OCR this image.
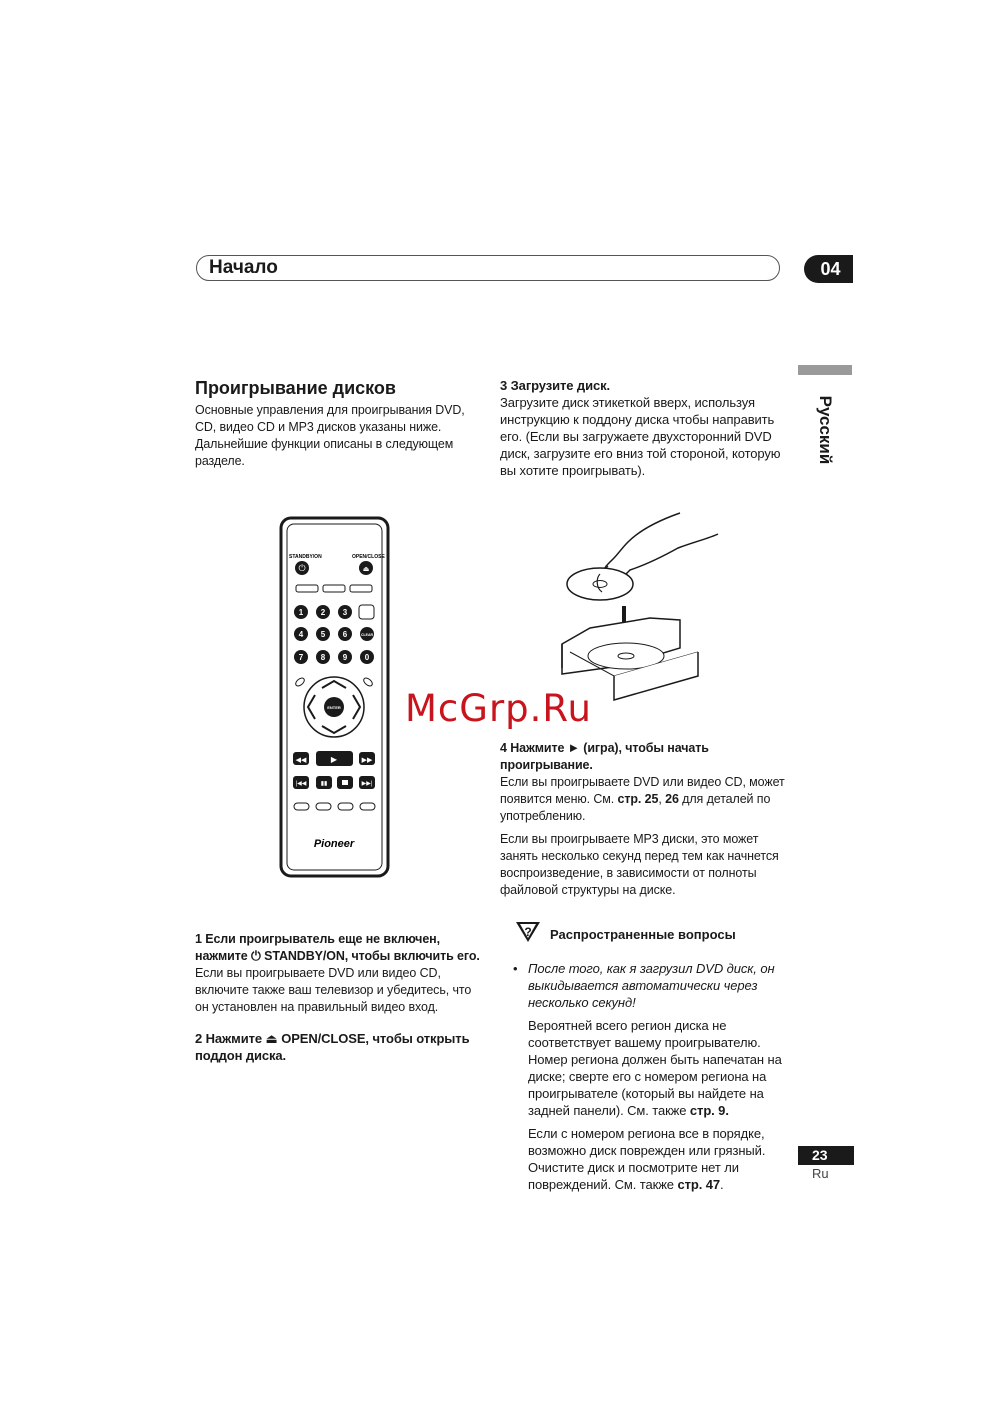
Начало	04
Русский
Проигрывание дисков
Основные управления для проигрывания DVD,
CD, видео CD и MP3 дисков указаны ниже.
Дальнейшие функции описаны в следующем
разделе.
3 Загрузите диск.
Загрузите диск этикеткой вверх, используя
инструкцию к поддону диска чтобы направить
его. (Если вы загружаете двухсторонний DVD
диск, загрузите его вниз той стороной, которую
вы хотите проигрывать).
STANDBY/ON	OPEN/CLOSE
⏻	⏏
1 2 3
4 5 6	CLEAR
7 8 9 0
ENTER
◀◀	▶	▶▶
|◀◀ ▮▮	▶▶|
Pioneer
McGrp.Ru
4 Нажмите ► (игра), чтобы начать
проигрывание.

Если вы проигрываете DVD или видео CD, может
появится меню. См. стр. 25, 26 для деталей по
употреблению.

Если вы проигрываете MP3 диски, это может
занять несколько секунд перед тем как начнется
воспроизведение, в зависимости от полноты
файловой структуры на диске.

? Распространенные вопросы
• После того, как я загрузил DVD диск, он
выкидывается автоматически через
несколько секунд!

Вероятней всего регион диска не
соответствует вашему проигрывателю.
Номер региона должен быть напечатан на
диске; сверте его с номером региона на
проигрывателе (который вы найдете на
задней панели). См. также стр. 9.

Если с номером региона все в порядке,
возможно диск поврежден или грязный.
Очистите диск и посмотрите нет ли
повреждений. См. также стр. 47.

1 Если проигрыватель еще не включен,
нажмите ⏻ STANDBY/ON, чтобы включить его.
Если вы проигрываете DVD или видео CD,
включите также ваш телевизор и убедитесь, что
он установлен на правильный видео вход.
2 Нажмите ⏏ OPEN/CLOSE, чтобы открыть
поддон диска.
23
Ru
